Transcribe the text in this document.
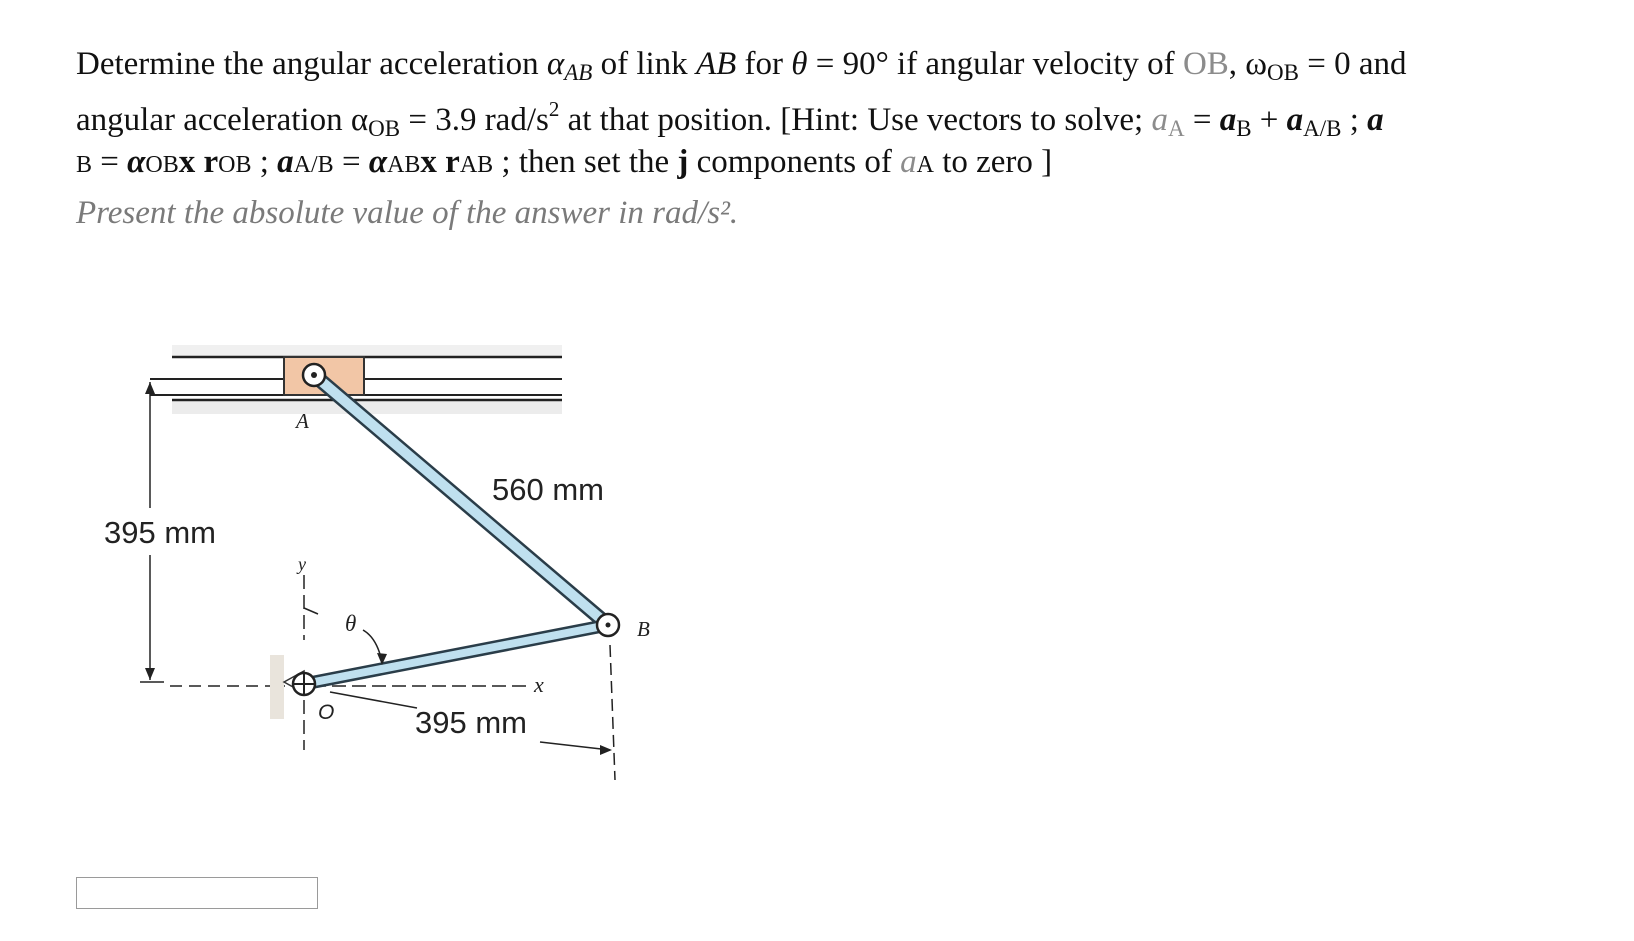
Determine the angular acceleration αAB of link AB for θ = 90° if angular velocity of OB, ωOB = 0 and
angular acceleration αOB = 3.9 rad/$s^2$ at that position. [Hint: Use vectors to solve; aA = aB + aA/B ; a
B = αOBx rOB ; aA/B = αABx rAB ; then set the j components of aA to zero ]
Present the absolute value of the answer in rad/s².
A
B
O
θ
x
y
395 mm
560 mm
395 mm
